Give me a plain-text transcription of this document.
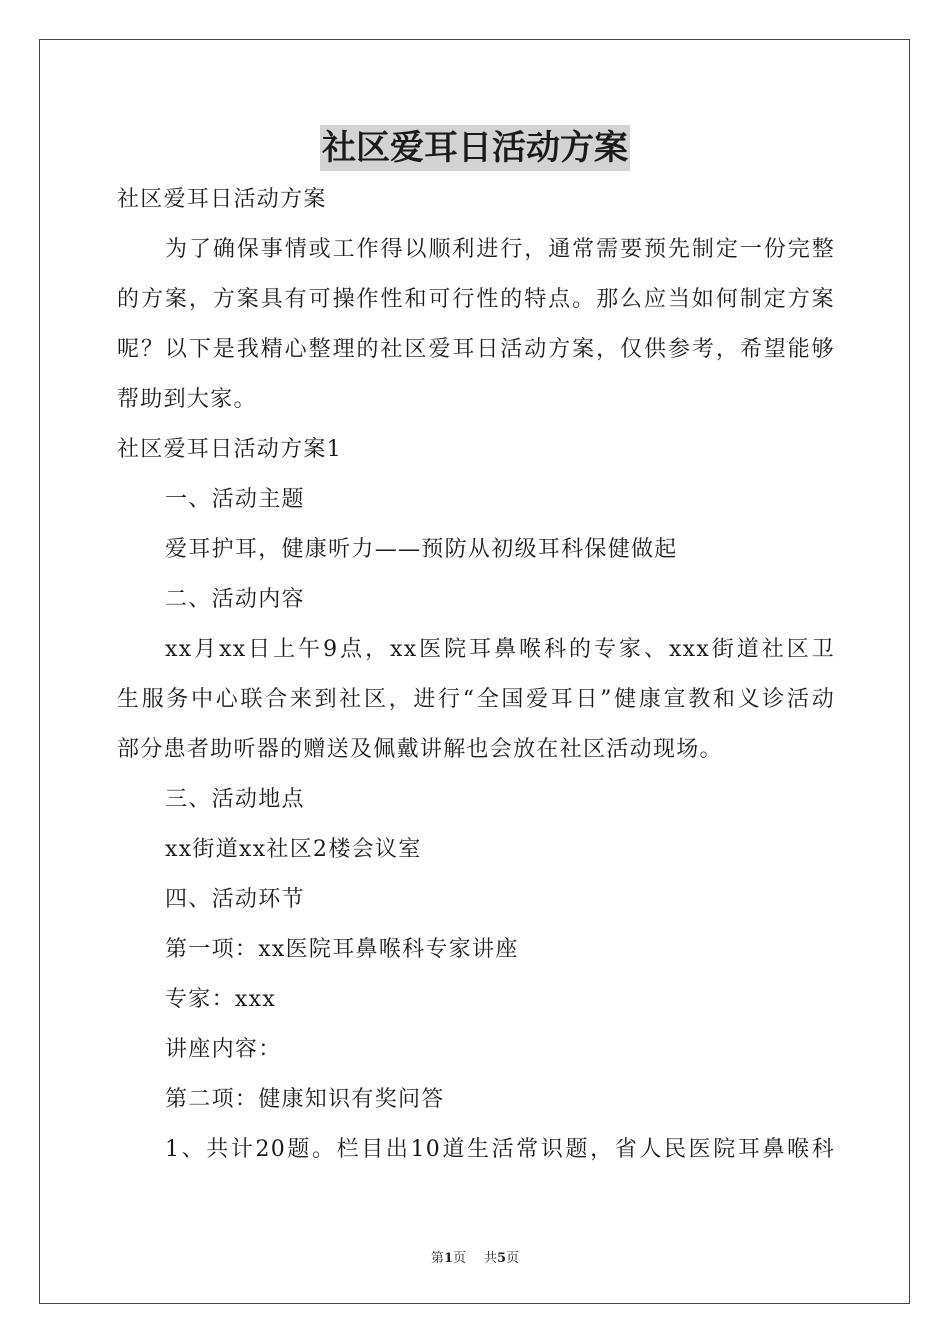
社区爱耳日活动方案
社区爱耳日活动方案
为了确保事情或工作得以顺利进行，通常需要预先制定一份完整
的方案，方案具有可操作性和可行性的特点。那么应当如何制定方案
呢？以下是我精心整理的社区爱耳日活动方案，仅供参考，希望能够
帮助到大家。
社区爱耳日活动方案1
一、活动主题
爱耳护耳，健康听力——预防从初级耳科保健做起
二、活动内容
xx月xx日上午9点，xx医院耳鼻喉科的专家、xxx街道社区卫
生服务中心联合来到社区，进行“全国爱耳日”健康宣教和义诊活动
部分患者助听器的赠送及佩戴讲解也会放在社区活动现场。
三、活动地点
xx街道xx社区2楼会议室
四、活动环节
第一项：xx医院耳鼻喉科专家讲座
专家：xxx
讲座内容：
第二项：健康知识有奖问答
1、共计20题。栏目出10道生活常识题，省人民医院耳鼻喉科
第1页 共5页
